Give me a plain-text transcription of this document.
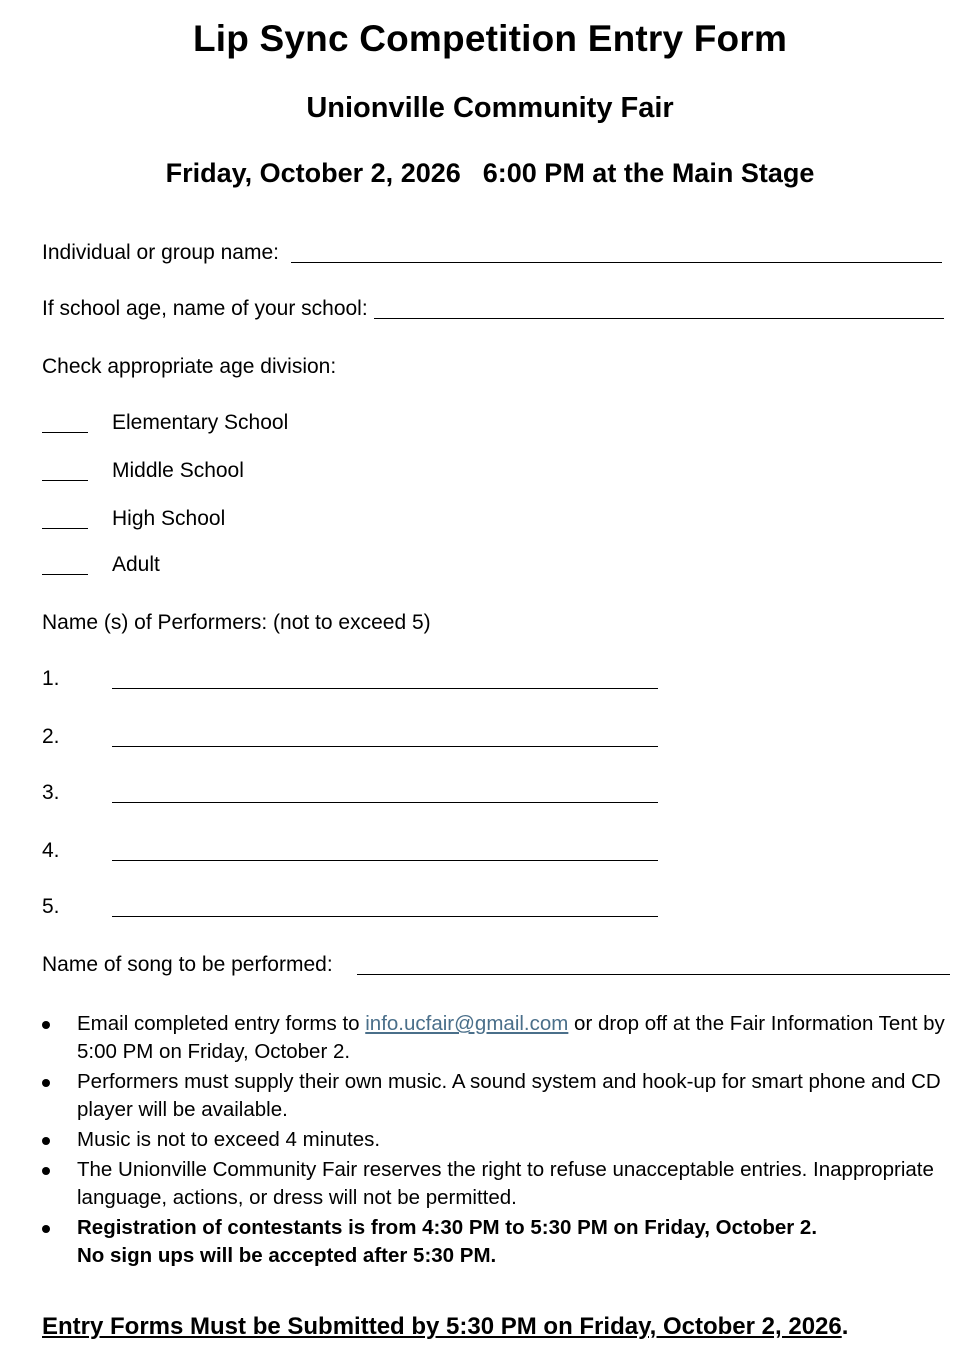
Lip Sync Competition Entry Form
Unionville Community Fair
Friday, October 2, 2026 6:00 PM at the Main Stage
Individual or group name:
If school age, name of your school:
Check appropriate age division:
Elementary School
Middle School
High School
Adult
Name (s) of Performers: (not to exceed 5)
1.
2.
3.
4.
5.
Name of song to be performed:
Email completed entry forms to info.ucfair@gmail.com or drop off at the Fair Information Tent by 5:00 PM on Friday, October 2.
Performers must supply their own music. A sound system and hook-up for smart phone and CD player will be available.
Music is not to exceed 4 minutes.
The Unionville Community Fair reserves the right to refuse unacceptable entries. Inappropriate language, actions, or dress will not be permitted.
Registration of contestants is from 4:30 PM to 5:30 PM on Friday, October 2.
No sign ups will be accepted after 5:30 PM.
Entry Forms Must be Submitted by 5:30 PM on Friday, October 2, 2026.
